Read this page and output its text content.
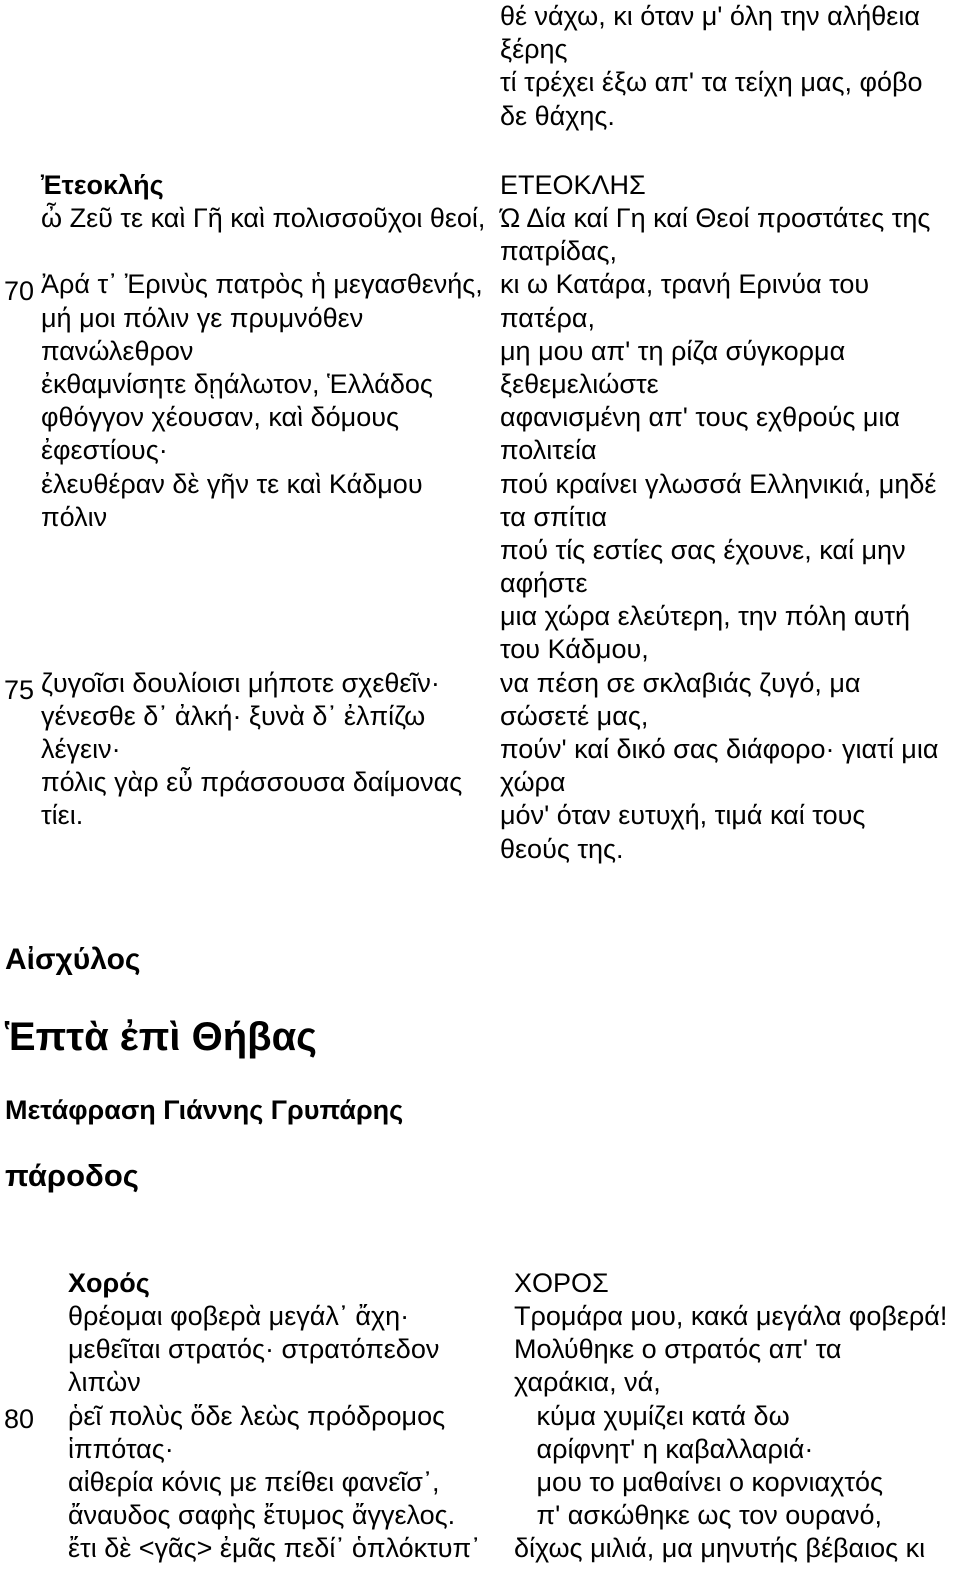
θέ νάχω, κι όταν μ' όλη την αλήθεια
ξέρης
τί τρέχει έξω απ' τα τείχη μας, φόβο
δε θάχης.
Ἐτεοκλής	ΕΤΕΟΚΛΗΣ
70
75
ὦ Ζεῦ τε καὶ Γῆ καὶ πολισσοῦχοι θεοί,
Ἀρά τ᾽ Ἐρινὺς πατρὸς ἡ μεγασθενής,
μή μοι πόλιν γε πρυμνόθεν
πανώλεθρον
ἐκθαμνίσητε δῃάλωτον, Ἑλλάδος
φθόγγον χέουσαν, καὶ δόμους
ἐφεστίους·
ἐλευθέραν δὲ γῆν τε καὶ Κάδμου
πόλιν
ζυγοῖσι δουλίοισι μήποτε σχεθεῖν·
γένεσθε δ᾽ ἀλκή· ξυνὰ δ᾽ ἐλπίζω
λέγειν·
πόλις γὰρ εὖ πράσσουσα δαίμονας
τίει.
Ώ Δία καί Γη καί Θεοί προστάτες της
πατρίδας,
κι ω Κατάρα, τρανή Ερινύα του
πατέρα,
μη μου απ' τη ρίζα σύγκορμα
ξεθεμελιώστε
αφανισμένη απ' τους εχθρούς μια
πολιτεία
πού κραίνει γλωσσά Ελληνικιά, μηδέ
τα σπίτια
πού τίς εστίες σας έχουνε, καί μην
αφήστε
μια χώρα ελεύτερη, την πόλη αυτή
του Κάδμου,
να πέση σε σκλαβιάς ζυγό, μα
σώσετέ μας,
πούν' καί δικό σας διάφορο· γιατί μια
χώρα
μόν' όταν ευτυχή, τιμά καί τους
θεούς της.
Αἰσχύλος
Ἑπτὰ ἐπὶ Θήβας
Μετάφραση Γιάννης Γρυπάρης
πάροδος
Χορός	ΧΟΡΟΣ
80
θρέομαι φοβερὰ μεγάλ᾽ ἄχη·
μεθεῖται στρατός· στρατόπεδον
λιπὼν
ῥεῖ πολὺς ὅδε λεὼς πρόδρομος
ἱππότας·
αἰθερία κόνις με πείθει φανεῖσ᾽,
ἄναυδος σαφὴς ἔτυμος ἄγγελος.
ἔτι δὲ <γᾶς> ἐμᾶς πεδί᾽ ὁπλόκτυπ᾽
Τρομάρα μου, κακά μεγάλα φοβερά!
Μολύθηκε ο στρατός απ' τα
χαράκια, νά,
κύμα χυμίζει κατά δω
αρίφνητ' η καβαλλαριά·
μου το μαθαίνει ο κορνιαχτός
π' ασκώθηκε ως τον ουρανό,
δίχως μιλιά, μα μηνυτής βέβαιος κι
